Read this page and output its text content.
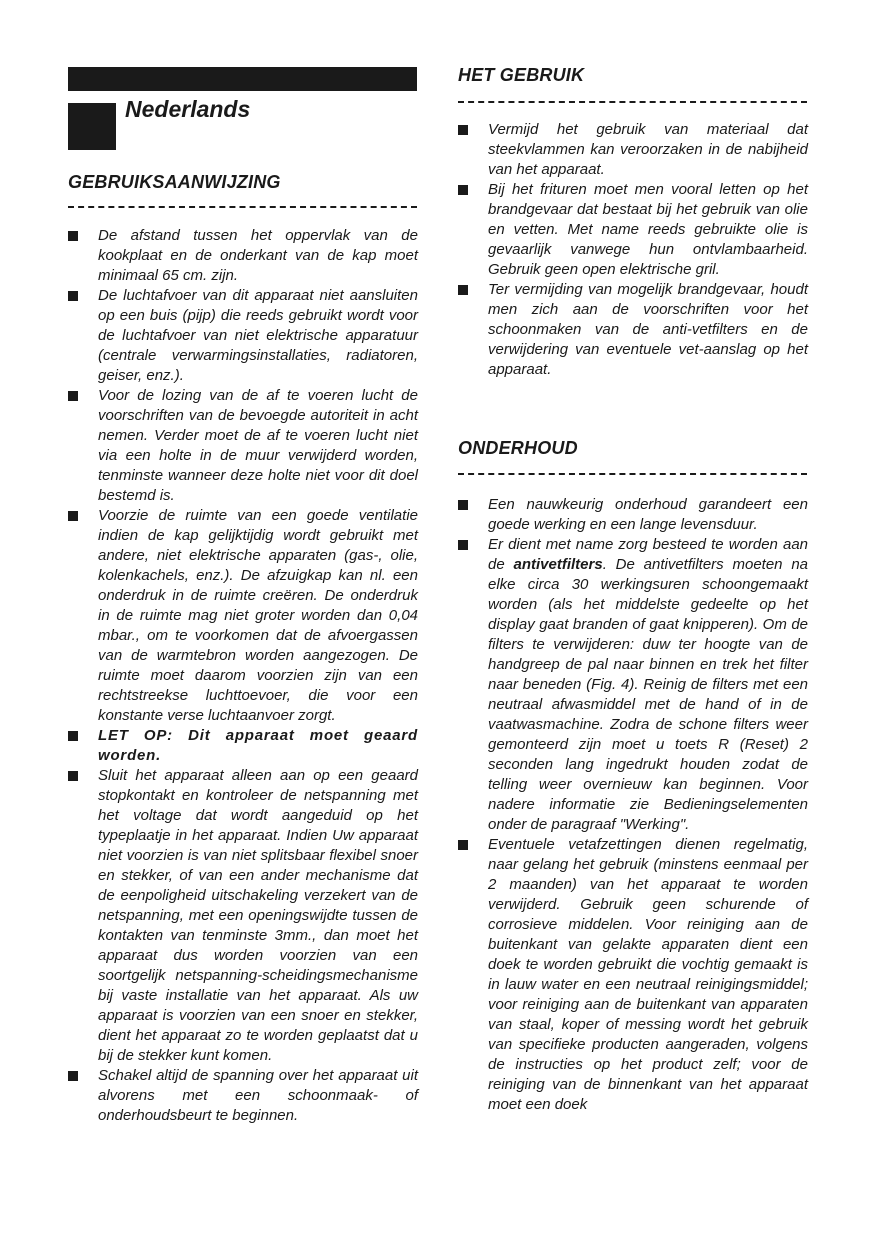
Nederlands
GEBRUIKSAANWIJZING
De afstand tussen het oppervlak van de kookplaat en de onderkant van de kap moet minimaal 65 cm. zijn.
De luchtafvoer van dit apparaat niet aansluiten op een buis (pijp) die reeds gebruikt wordt voor de luchtafvoer van niet elektrische apparatuur (centrale verwarmingsinstallaties, radiatoren, geiser, enz.).
Voor de lozing van de af te voeren lucht de voorschriften van de bevoegde autoriteit in acht nemen. Verder moet de af te voeren lucht niet via een holte in de muur verwijderd worden, tenminste wanneer deze holte niet voor dit doel bestemd is.
Voorzie de ruimte van een goede ventilatie indien de kap gelijktijdig wordt gebruikt met andere, niet elektrische apparaten (gas-, olie, kolenkachels, enz.). De afzuigkap kan nl. een onderdruk in de ruimte creëren. De onderdruk in de ruimte mag niet groter worden dan 0,04 mbar., om te voorkomen dat de afvoergassen van de warmtebron worden aangezogen. De ruimte moet daarom voorzien zijn van een rechtstreekse luchttoevoer, die voor een konstante verse luchtaanvoer zorgt.
LET OP: Dit apparaat moet geaard worden.
Sluit het apparaat alleen aan op een geaard stopkontakt en kontroleer de netspanning met het voltage dat wordt aangeduid op het typeplaatje in het apparaat. Indien Uw apparaat niet voorzien is van niet splitsbaar flexibel snoer en stekker, of van een ander mechanisme dat de eenpoligheid uitschakeling verzekert van de netspanning, met een openingswijdte tussen de kontakten van tenminste 3mm., dan moet het apparaat dus worden voorzien van een soortgelijk netspanning-scheidingsmechanisme bij vaste installatie van het apparaat. Als uw apparaat is voorzien van een snoer en stekker, dient het apparaat zo te worden geplaatst dat u bij de stekker kunt komen.
Schakel altijd de spanning over het apparaat uit alvorens met een schoonmaak- of onderhoudsbeurt te beginnen.
HET GEBRUIK
Vermijd het gebruik van materiaal dat steekvlammen kan veroorzaken in de nabijheid van het apparaat.
Bij het frituren moet men vooral letten op het brandgevaar dat bestaat bij het gebruik van olie en vetten. Met name reeds gebruikte olie is gevaarlijk vanwege hun ontvlambaarheid. Gebruik geen open elektrische gril.
Ter vermijding van mogelijk brandgevaar, houdt men zich aan de voorschriften voor het schoonmaken van de anti-vetfilters en de verwijdering van eventuele vet-aanslag op het apparaat.
ONDERHOUD
Een nauwkeurig onderhoud garandeert een goede werking en een lange levensduur.
Er dient met name zorg besteed te worden aan de antivetfilters. De antivetfilters moeten na elke circa 30 werkingsuren schoongemaakt worden (als het middelste gedeelte op het display gaat branden of gaat knipperen). Om de filters te verwijderen: duw ter hoogte van de handgreep de pal naar binnen en trek het filter naar beneden (Fig. 4). Reinig de filters met een neutraal afwasmiddel met de hand of in de vaatwasmachine. Zodra de schone filters weer gemonteerd zijn moet u toets R (Reset) 2 seconden lang ingedrukt houden zodat de telling weer overnieuw kan beginnen. Voor nadere informatie zie Bedieningselementen onder de paragraaf "Werking".
Eventuele vetafzettingen dienen regelmatig, naar gelang het gebruik (minstens eenmaal per 2 maanden) van het apparaat te worden verwijderd. Gebruik geen schurende of corrosieve middelen. Voor reiniging aan de buitenkant van gelakte apparaten dient een doek te worden gebruikt die vochtig gemaakt is in lauw water en een neutraal reinigingsmiddel; voor reiniging aan de buitenkant van apparaten van staal, koper of messing wordt het gebruik van specifieke producten aangeraden, volgens de instructies op het product zelf; voor de reiniging van de binnenkant van het apparaat moet een doek
